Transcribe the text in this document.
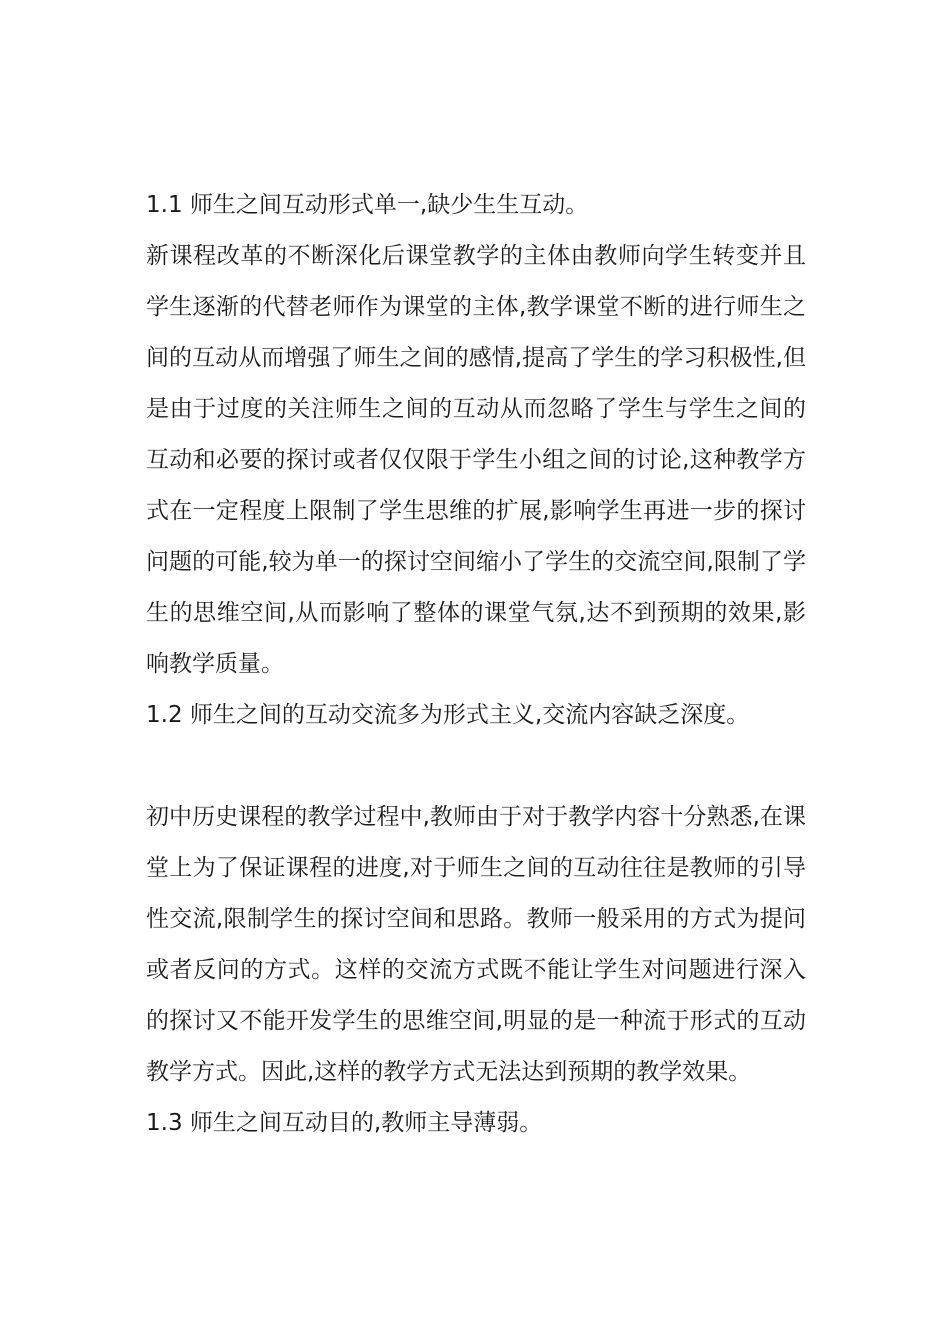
1.1 师生之间互动形式单一,缺少生生互动。

新课程改革的不断深化后课堂教学的主体由教师向学生转变并且学生逐渐的代替老师作为课堂的主体,教学课堂不断的进行师生之间的互动从而增强了师生之间的感情,提高了学生的学习积极性,但是由于过度的关注师生之间的互动从而忽略了学生与学生之间的互动和必要的探讨或者仅仅限于学生小组之间的讨论,这种教学方式在一定程度上限制了学生思维的扩展,影响学生再进一步的探讨问题的可能,较为单一的探讨空间缩小了学生的交流空间,限制了学生的思维空间,从而影响了整体的课堂气氛,达不到预期的效果,影响教学质量。

1.2 师生之间的互动交流多为形式主义,交流内容缺乏深度。

初中历史课程的教学过程中,教师由于对于教学内容十分熟悉,在课堂上为了保证课程的进度,对于师生之间的互动往往是教师的引导性交流,限制学生的探讨空间和思路。教师一般采用的方式为提问或者反问的方式。这样的交流方式既不能让学生对问题进行深入的探讨又不能开发学生的思维空间,明显的是一种流于形式的互动教学方式。因此,这样的教学方式无法达到预期的教学效果。

1.3 师生之间互动目的,教师主导薄弱。
